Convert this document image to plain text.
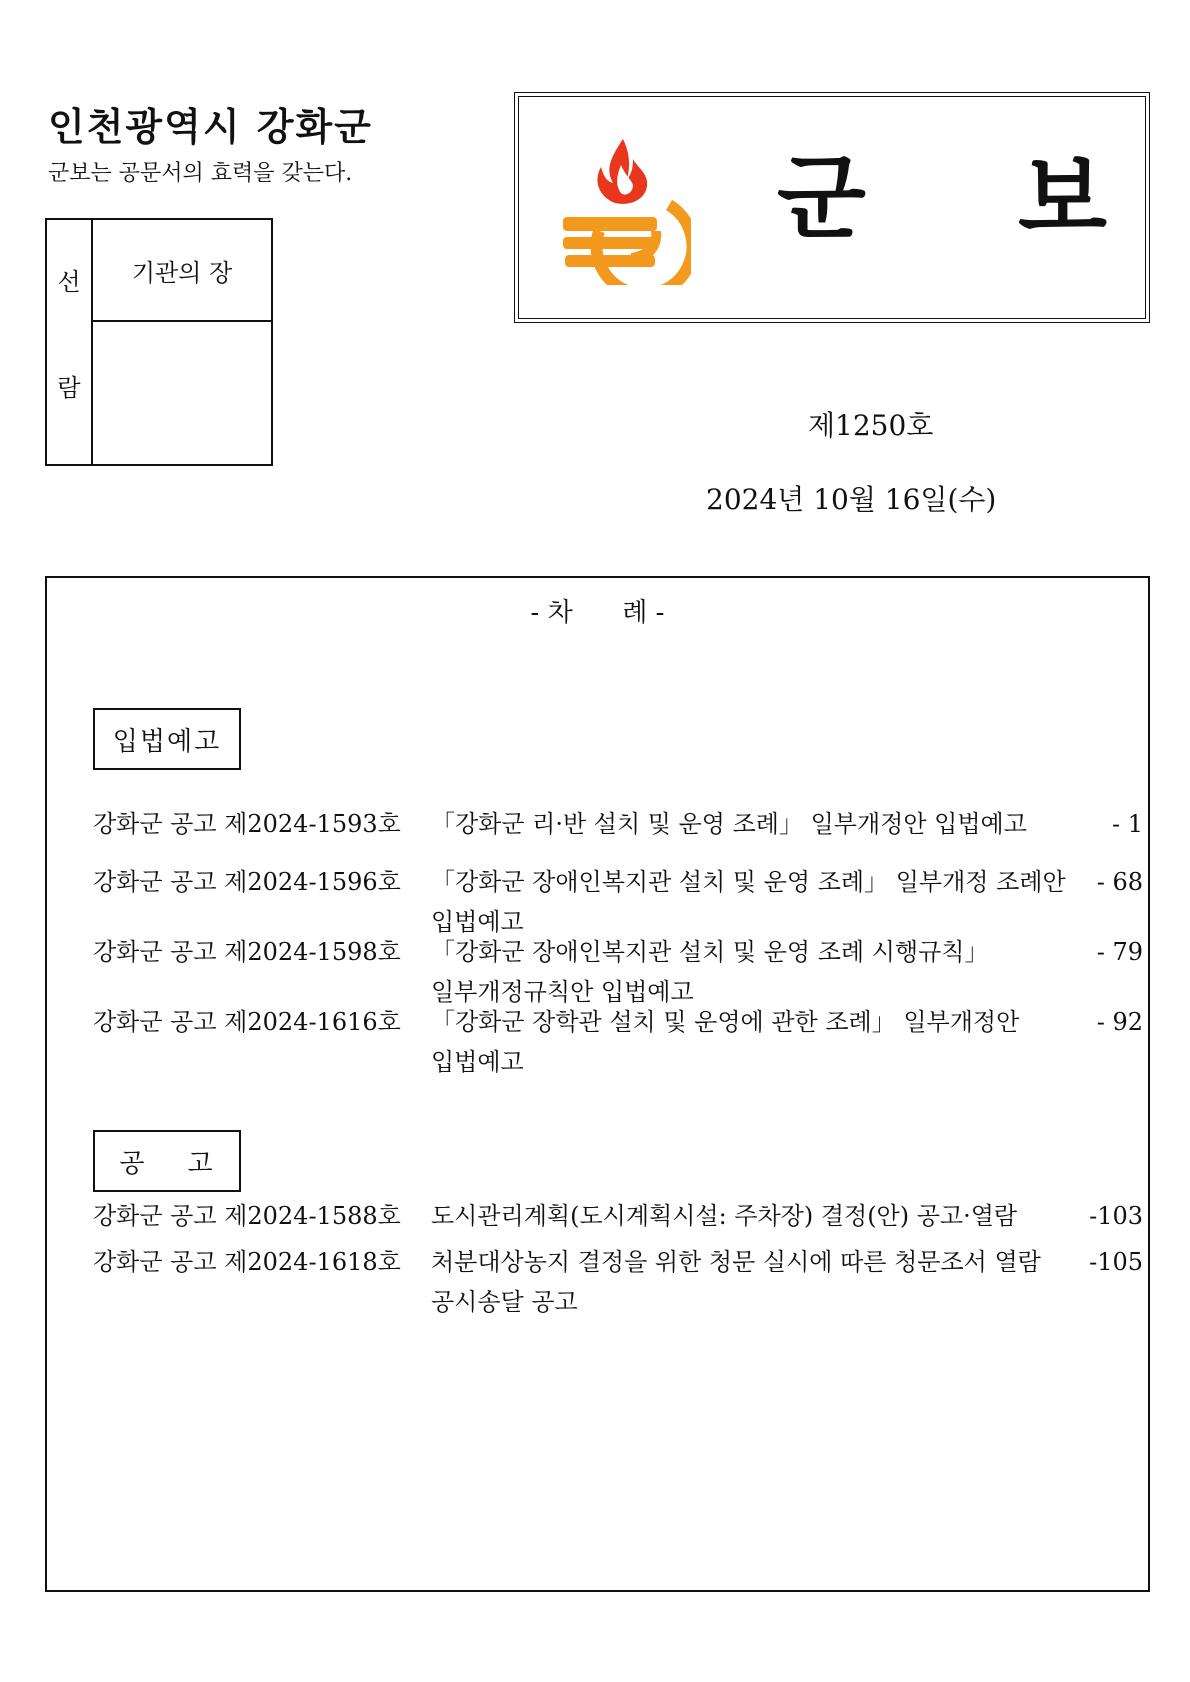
인천광역시 강화군
군보는 공문서의 효력을 갖는다.
선
람
기관의 장
군 보
제1250호
2024년 10월 16일(수)
- 차      례 -
입법예고
강화군 공고 제2024-1593호 「강화군 리·반 설치 및 운영 조례」 일부개정안 입법예고	- 1
강화군 공고 제2024-1596호 「강화군 장애인복지관 설치 및 운영 조례」 일부개정 조례안 입법예고
- 68
강화군 공고 제2024-1598호 「강화군 장애인복지관 설치 및 운영 조례 시행규칙」 일부개정규칙안 입법예고
- 79
강화군 공고 제2024-1616호 「강화군 장학관 설치 및 운영에 관한 조례」 일부개정안 입법예고
- 92
공    고
강화군 공고 제2024-1588호 도시관리계획(도시계획시설: 주차장) 결정(안) 공고·열람	-103
강화군 공고 제2024-1618호 처분대상농지 결정을 위한 청문 실시에 따른 청문조서 열람 공시송달 공고
-105
